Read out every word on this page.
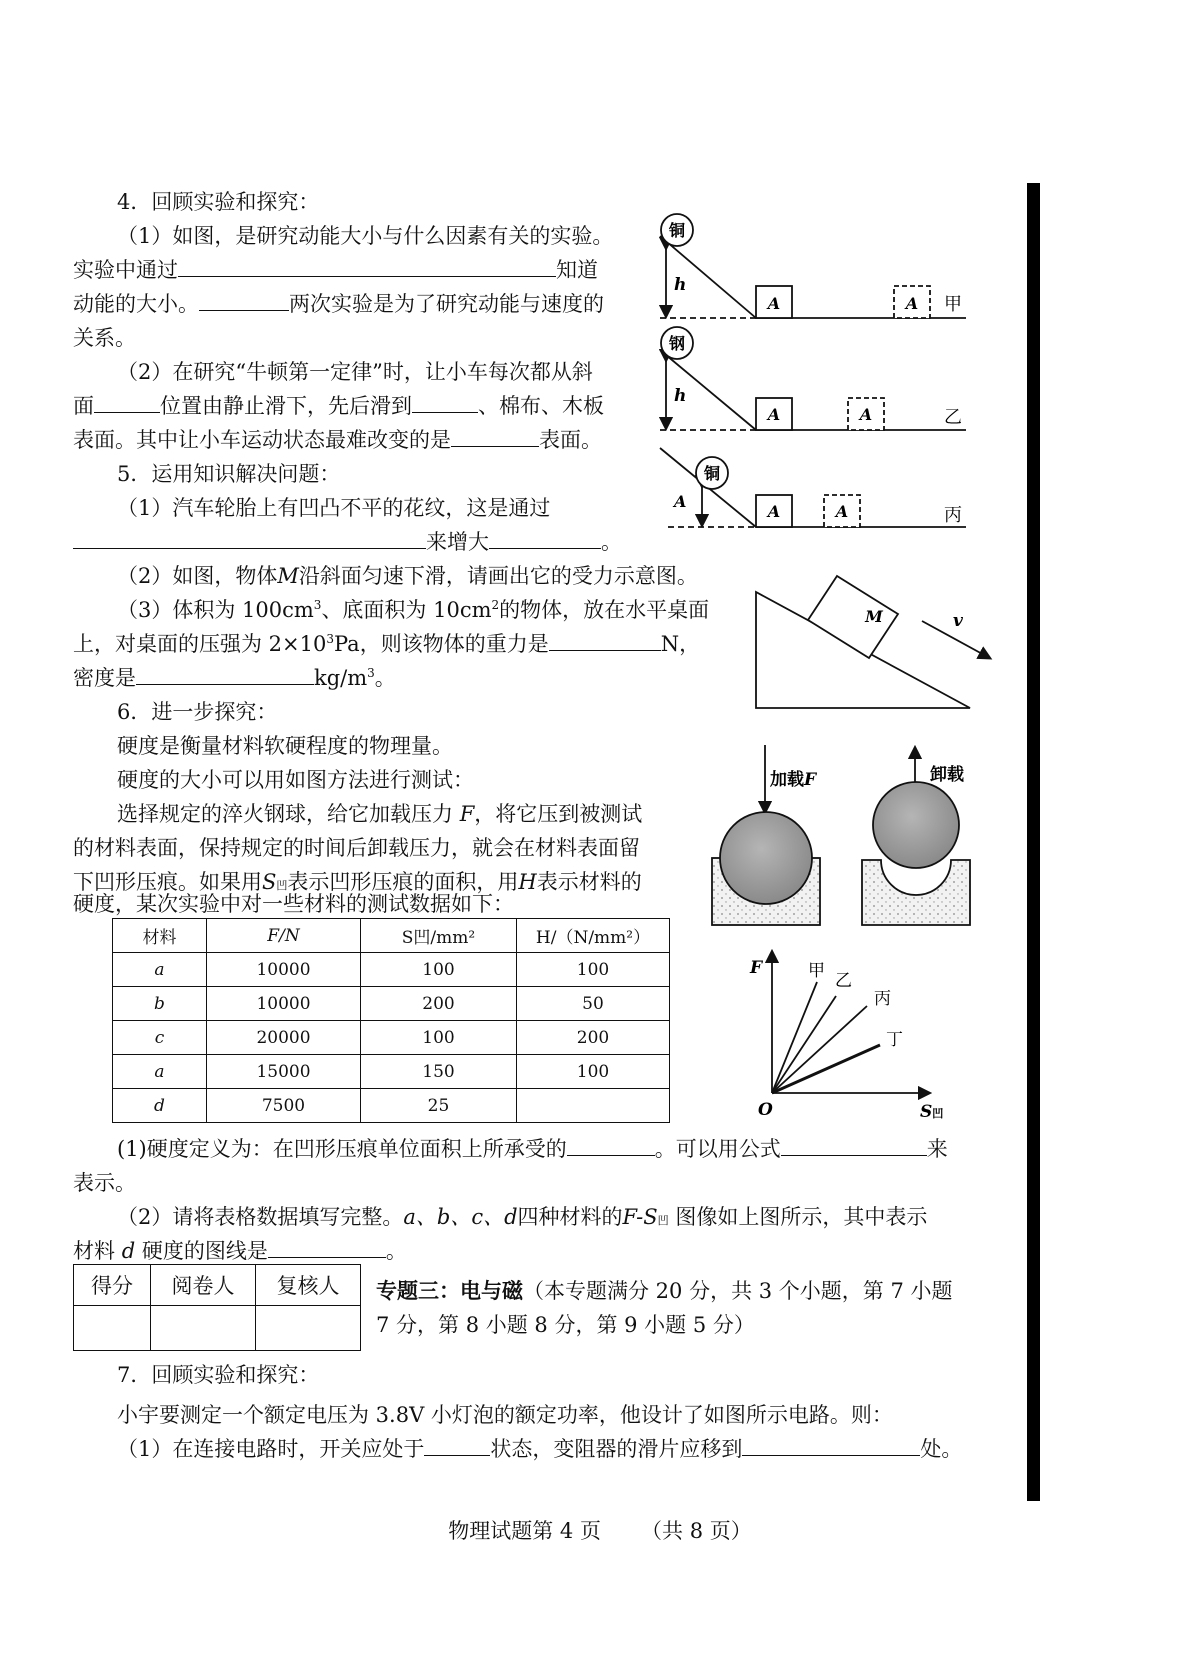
4．回顾实验和探究：
（1）如图，是研究动能大小与什么因素有关的实验。
实验中通过	知道
动能的大小。	两次实验是为了研究动能与速度的
关系。
（2）在研究“牛顿第一定律”时，让小车每次都从斜
面	位置由静止滑下，先后滑到	、棉布、木板
表面。其中让小车运动状态最难改变的是	表面。
5．运用知识解决问题：
（1）汽车轮胎上有凹凸不平的花纹，这是通过
来增大	。
（2）如图，物体M沿斜面匀速下滑，请画出它的受力示意图。
（3）体积为 $100cm^3$、底面积为 $10cm^2$的物体，放在水平桌面
上，对桌面的压强为 $2\times 10^3Pa$，则该物体的重力是	N，
密度是	$kg/m^3$。
6．进一步探究：
硬度是衡量材料软硬程度的物理量。
硬度的大小可以用如图方法进行测试：
选择规定的淬火钢球，给它加载压力 F，将它压到被测试
的材料表面，保持规定的时间后卸载压力，就会在材料表面留
下凹形压痕。如果用S凹表示凹形压痕的面积，用H表示材料的
硬度，某次实验中对一些材料的测试数据如下：
材料	F/N	S凹/mm²	H/（N/mm²）
a	10000	100	100
b	10000	200	50
c	20000	100	200
a	15000	150	100
d	7500	25	
(1)硬度定义为：在凹形压痕单位面积上所承受的	。可以用公式	来
表示。
（2）请将表格数据填写完整。a、b、c、d四种材料的F-S凹 图像如上图所示，其中表示
材料 d 硬度的图线是	。
得分	阅卷人	复核人
		专题三：电与磁（本专题满分 20 分，共 3 个小题，第 7 小题
7 分，第 8 小题 8 分，第 9 小题 5 分）
7．回顾实验和探究：
小宇要测定一个额定电压为 3.8V 小灯泡的额定功率，他设计了如图所示电路。则：
（1）在连接电路时，开关应处于	状态，变阻器的滑片应移到	处。
物理试题第 4 页 （共 8 页）
铜
h
A	A 甲
钢
h
A	A	乙
铜
A
A	A	丙
M	v
加载F	卸载
F
O	S凹
甲 乙
丙
丁
